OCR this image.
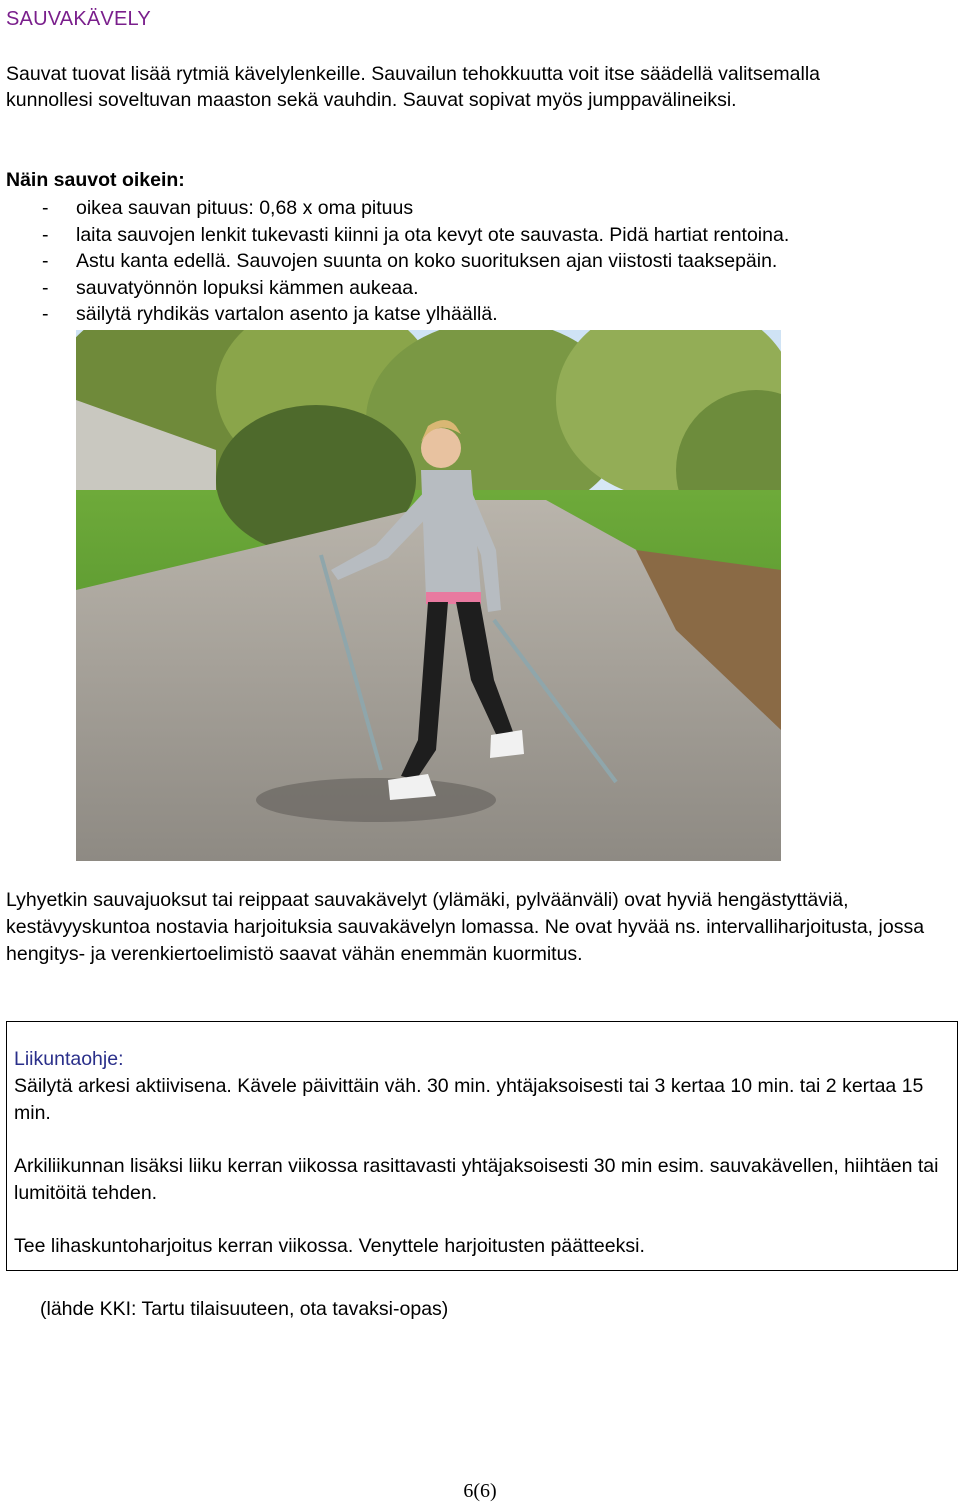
SAUVAKÄVELY
Sauvat tuovat lisää rytmiä kävelylenkeille. Sauvailun tehokkuutta voit itse säädellä valitsemalla kunnollesi soveltuvan maaston sekä vauhdin. Sauvat sopivat myös jumppavälineiksi.
Näin sauvot oikein:
- oikea sauvan pituus: 0,68 x oma pituus
- laita sauvojen lenkit tukevasti kiinni ja ota kevyt ote sauvasta. Pidä hartiat rentoina.
- Astu kanta edellä. Sauvojen suunta on koko suorituksen ajan viistosti taaksepäin.
- sauvatyönnön lopuksi kämmen aukeaa.
- säilytä ryhdikäs vartalon asento ja katse ylhäällä.
Lyhyetkin sauvajuoksut tai reippaat sauvakävelyt (ylämäki, pylväänväli) ovat hyviä hengästyttäviä, kestävyyskuntoa nostavia harjoituksia sauvakävelyn lomassa. Ne ovat hyvää ns. intervalliharjoitusta, jossa hengitys- ja verenkiertoelimistö saavat vähän enemmän kuormitus.
Liikuntaohje:

Säilytä arkesi aktiivisena. Kävele päivittäin väh. 30 min. yhtäjaksoisesti tai 3 kertaa 10 min. tai 2 kertaa 15 min.

Arkiliikunnan lisäksi liiku kerran viikossa rasittavasti yhtäjaksoisesti 30 min esim. sauvakävellen, hiihtäen tai lumitöitä tehden.

Tee lihaskuntoharjoitus kerran viikossa. Venyttele harjoitusten päätteeksi.

(lähde KKI: Tartu tilaisuuteen, ota tavaksi-opas)
6(6)
